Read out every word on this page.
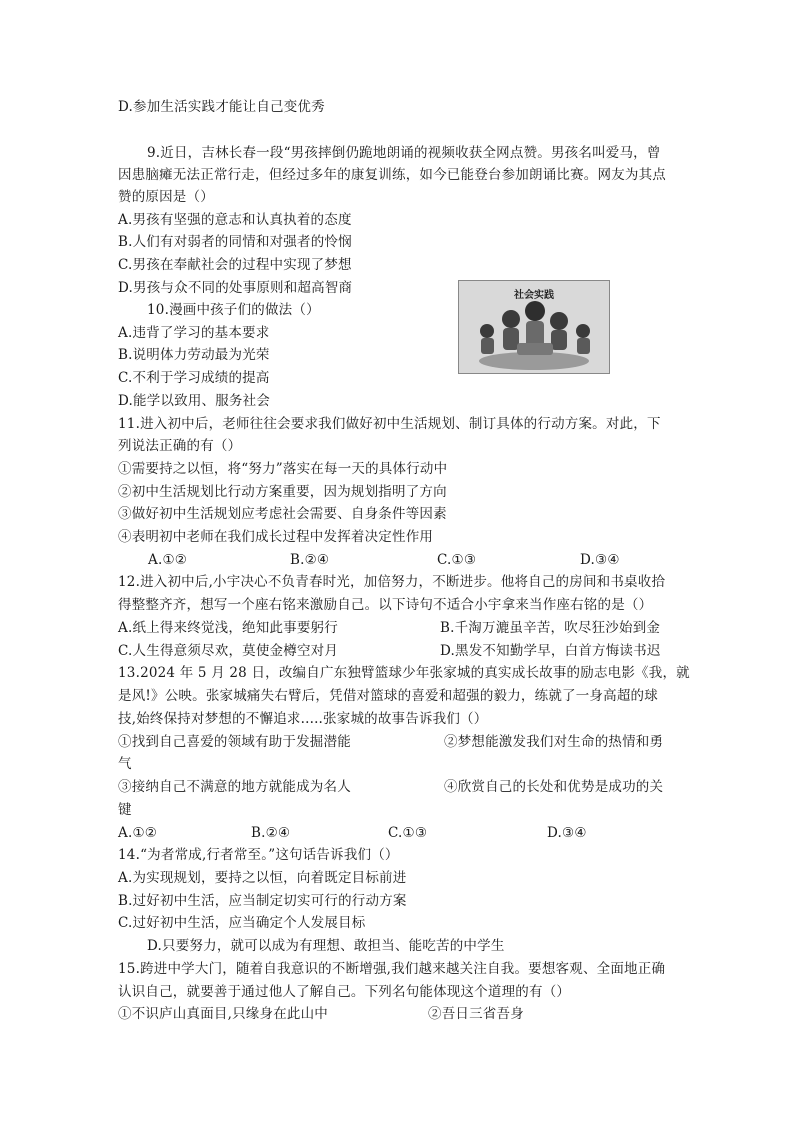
D.参加生活实践才能让自己变优秀
9.近日，吉林长春一段“男孩摔倒仍跪地朗诵的视频收获全网点赞。男孩名叫爱马，曾
因患脑瘫无法正常行走，但经过多年的康复训练，如今已能登台参加朗诵比赛。网友为其点
赞的原因是（）
A.男孩有坚强的意志和认真执着的态度
B.人们有对弱者的同情和对强者的怜悯
C.男孩在奉献社会的过程中实现了梦想
D.男孩与众不同的处事原则和超高智商
10.漫画中孩子们的做法（）
A.违背了学习的基本要求
B.说明体力劳动最为光荣
C.不利于学习成绩的提高
D.能学以致用、服务社会
社会实践
11.进入初中后，老师往往会要求我们做好初中生活规划、制订具体的行动方案。对此，下
列说法正确的有（）
①需要持之以恒，将“努力”落实在每一天的具体行动中
②初中生活规划比行动方案重要，因为规划指明了方向
③做好初中生活规划应考虑社会需要、自身条件等因素
④表明初中老师在我们成长过程中发挥着决定性作用
A.①②	B.②④	C.①③	D.③④
12.进入初中后,小宇决心不负青春时光，加倍努力，不断进步。他将自己的房间和书桌收拾
得整整齐齐，想写一个座右铭来激励自己。以下诗句不适合小宇拿来当作座右铭的是（）
A.纸上得来终觉浅，绝知此事要躬行	B.千淘万漉虽辛苦，吹尽狂沙始到金
C.人生得意须尽欢，莫使金樽空对月	D.黑发不知勤学早，白首方悔读书迟
13.2024 年 5 月 28 日，改编自广东独臂篮球少年张家城的真实成长故事的励志电影《我，就
是风!》公映。张家城痛失右臂后，凭借对篮球的喜爱和超强的毅力，练就了一身高超的球
技,始终保持对梦想的不懈追求.....张家城的故事告诉我们（）
①找到自己喜爱的领域有助于发掘潜能	②梦想能激发我们对生命的热情和勇
气
③接纳自己不满意的地方就能成为名人	④欣赏自己的长处和优势是成功的关
键
A.①②	B.②④	C.①③	D.③④
14.“为者常成,行者常至。”这句话告诉我们（）
A.为实现规划，要持之以恒，向着既定目标前进
B.过好初中生活，应当制定切实可行的行动方案
C.过好初中生活，应当确定个人发展目标
D.只要努力，就可以成为有理想、敢担当、能吃苦的中学生
15.跨进中学大门，随着自我意识的不断增强,我们越来越关注自我。要想客观、全面地正确
认识自己，就要善于通过他人了解自己。下列名句能体现这个道理的有（）
①不识庐山真面目,只缘身在此山中	②吾日三省吾身
